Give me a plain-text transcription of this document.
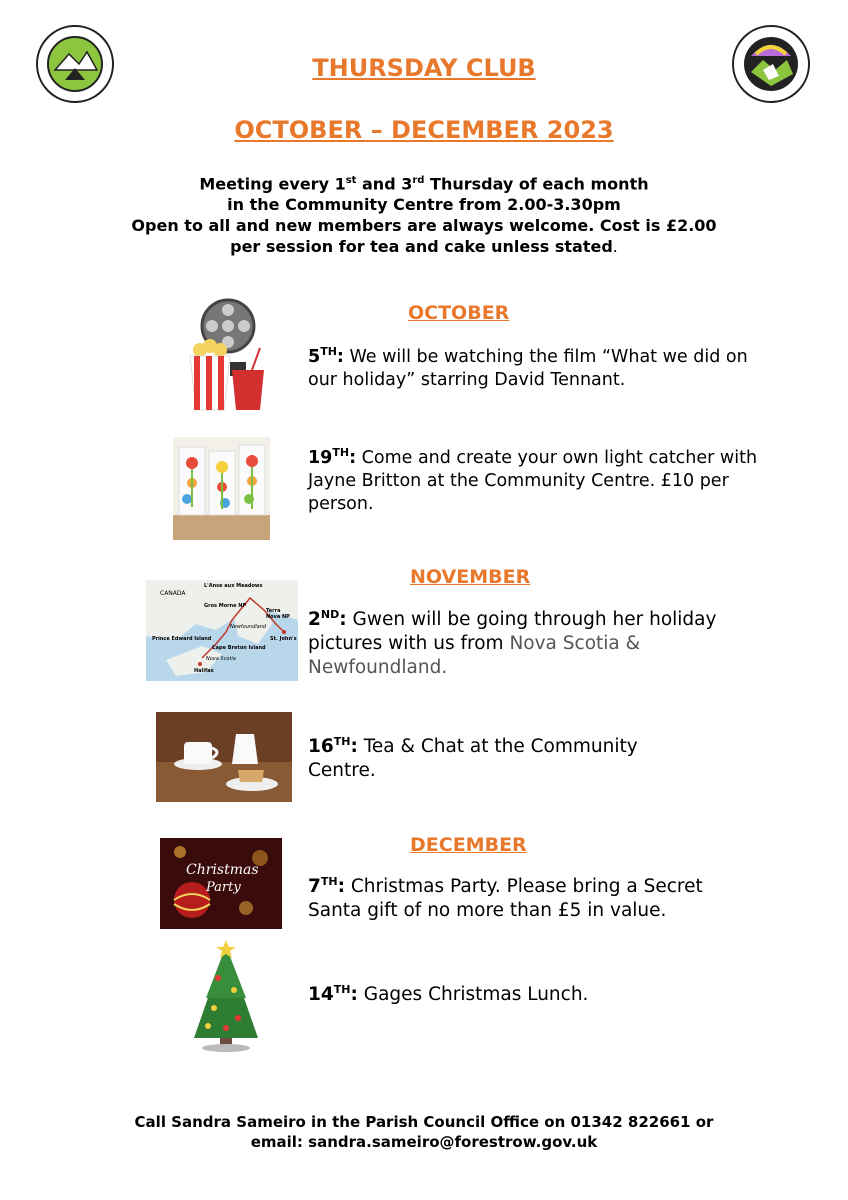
THURSDAY CLUB
OCTOBER – DECEMBER 2023
Meeting every 1st and 3rd Thursday of each month
in the Community Centre from 2.00-3.30pm
Open to all and new members are always welcome. Cost is £2.00
per session for tea and cake unless stated.
OCTOBER
NOVEMBER
DECEMBER
CANADA
L'Anse aux Meadows
Gros Morne NP
Terra Nova NP
Newfoundland
St. John's
Prince Edward Island
Cape Breton Island
Nova Scotia
Halifax
Christmas
Party
5TH: We will be watching the film “What we did on our holiday” starring David Tennant.
19TH: Come and create your own light catcher with Jayne Britton at the Community Centre. £10 per person.
2ND: Gwen will be going through her holiday pictures with us from Nova Scotia & Newfoundland.
16TH: Tea & Chat at the Community Centre.
7TH: Christmas Party. Please bring a Secret Santa gift of no more than £5 in value.
14TH: Gages Christmas Lunch.
Call Sandra Sameiro in the Parish Council Office on 01342 822661 or
email: sandra.sameiro@forestrow.gov.uk
